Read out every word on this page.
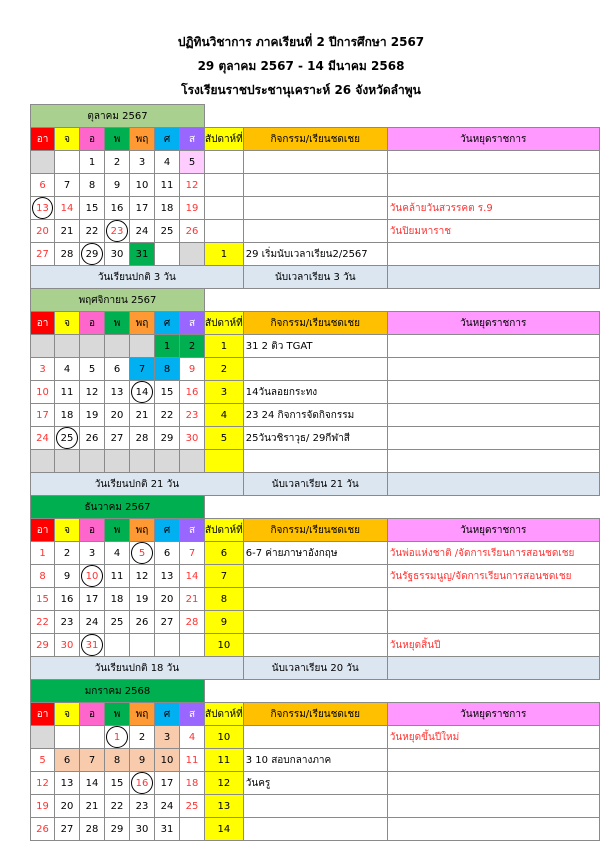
ปฏิทินวิชาการ ภาคเรียนที่ 2 ปีการศึกษา 2567
29 ตุลาคม 2567 - 14 มีนาคม 2568
โรงเรียนราชประชานุเคราะห์ 26 จังหวัดลำพูน
ตุลาคม 2567									
อา	จ	อ	พ	พฤ	ศ	ส	สัปดาห์ที่	กิจกรรม/เรียนชดเชย	วันหยุดราชการ
		1	2	3	4	5			
6	7	8	9	10	11	12			
13	14	15	16	17	18	19			วันคล้ายวันสวรรคต ร.9
20	21	22	23	24	25	26			วันปิยมหาราช
27	28	29	30	31			1	29 เริ่มนับเวลาเรียน2/2567	
วันเรียนปกติ 3 วัน								นับเวลาเรียน 3 วัน	
พฤศจิกายน 2567									
อา	จ	อ	พ	พฤ	ศ	ส	สัปดาห์ที่	กิจกรรม/เรียนชดเชย	วันหยุดราชการ
					1	2	1	31 2 ติว TGAT	
3	4	5	6	7	8	9	2		
10	11	12	13	14	15	16	3	14วันลอยกระทง	
17	18	19	20	21	22	23	4	23 24 กิจการจัดกิจกรรม	
24	25	26	27	28	29	30	5	25วันวชิราวุธ/ 29กีฬาสี	

วันเรียนปกติ 21 วัน								นับเวลาเรียน 21 วัน	
ธันวาคม 2567									
อา	จ	อ	พ	พฤ	ศ	ส	สัปดาห์ที่	กิจกรรม/เรียนชดเชย	วันหยุดราชการ
1	2	3	4	5	6	7	6	6-7 ค่ายภาษาอังกฤษ	วันพ่อแห่งชาติ /จัดการเรียนการสอนชดเชย
8	9	10	11	12	13	14	7		วันรัฐธรรมนูญ/จัดการเรียนการสอนชดเชย
15	16	17	18	19	20	21	8		
22	23	24	25	26	27	28	9		
29	30	31					10		วันหยุดสิ้นปี
วันเรียนปกติ 18 วัน								นับเวลาเรียน 20 วัน	
มกราคม 2568									
อา	จ	อ	พ	พฤ	ศ	ส	สัปดาห์ที่	กิจกรรม/เรียนชดเชย	วันหยุดราชการ
			1	2	3	4	10		วันหยุดขึ้นปีใหม่
5	6	7	8	9	10	11	11	3 10 สอบกลางภาค	
12	13	14	15	16	17	18	12	วันครู	
19	20	21	22	23	24	25	13		
26	27	28	29	30	31		14		
